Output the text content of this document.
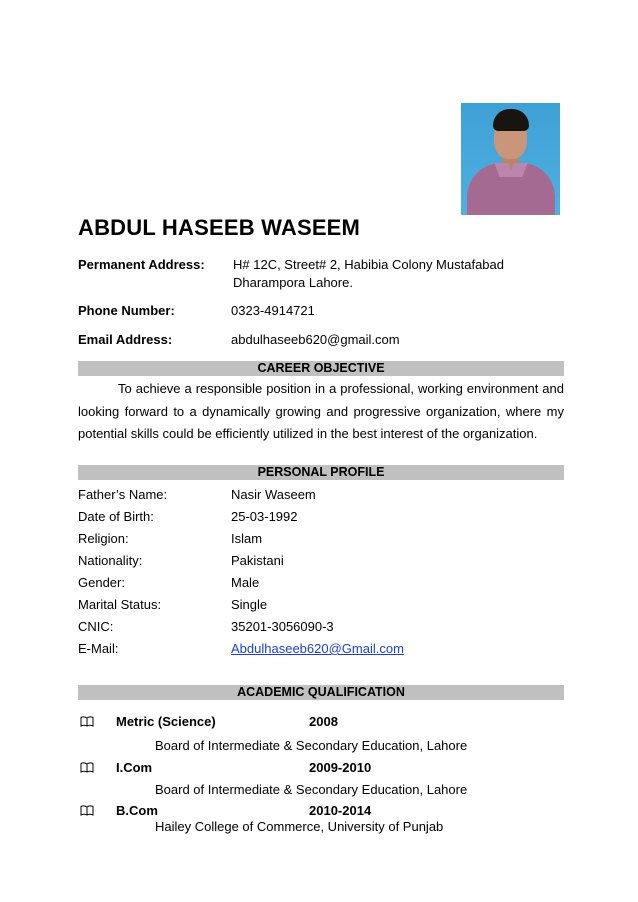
ABDUL HASEEB WASEEM
Permanent Address: H# 12C, Street# 2, Habibia Colony Mustafabad
Dharampora Lahore.
Phone Number:	0323-4914721
Email Address:	abdulhaseeb620@gmail.com
CAREER OBJECTIVE
To achieve a responsible position in a professional, working environment and looking forward to a dynamically growing and progressive organization, where my potential skills could be efficiently utilized in the best interest of the organization.
PERSONAL PROFILE
Father’s Name:	Nasir Waseem
Date of Birth:	25-03-1992
Religion:	Islam
Nationality:	Pakistani
Gender:	Male
Marital Status:	Single
CNIC:	35201-3056090-3
E-Mail:	Abdulhaseeb620@Gmail.com
ACADEMIC QUALIFICATION
Metric (Science)	2008
Board of Intermediate & Secondary Education, Lahore
I.Com	2009-2010
Board of Intermediate & Secondary Education, Lahore
B.Com	2010-2014
Hailey College of Commerce, University of Punjab
